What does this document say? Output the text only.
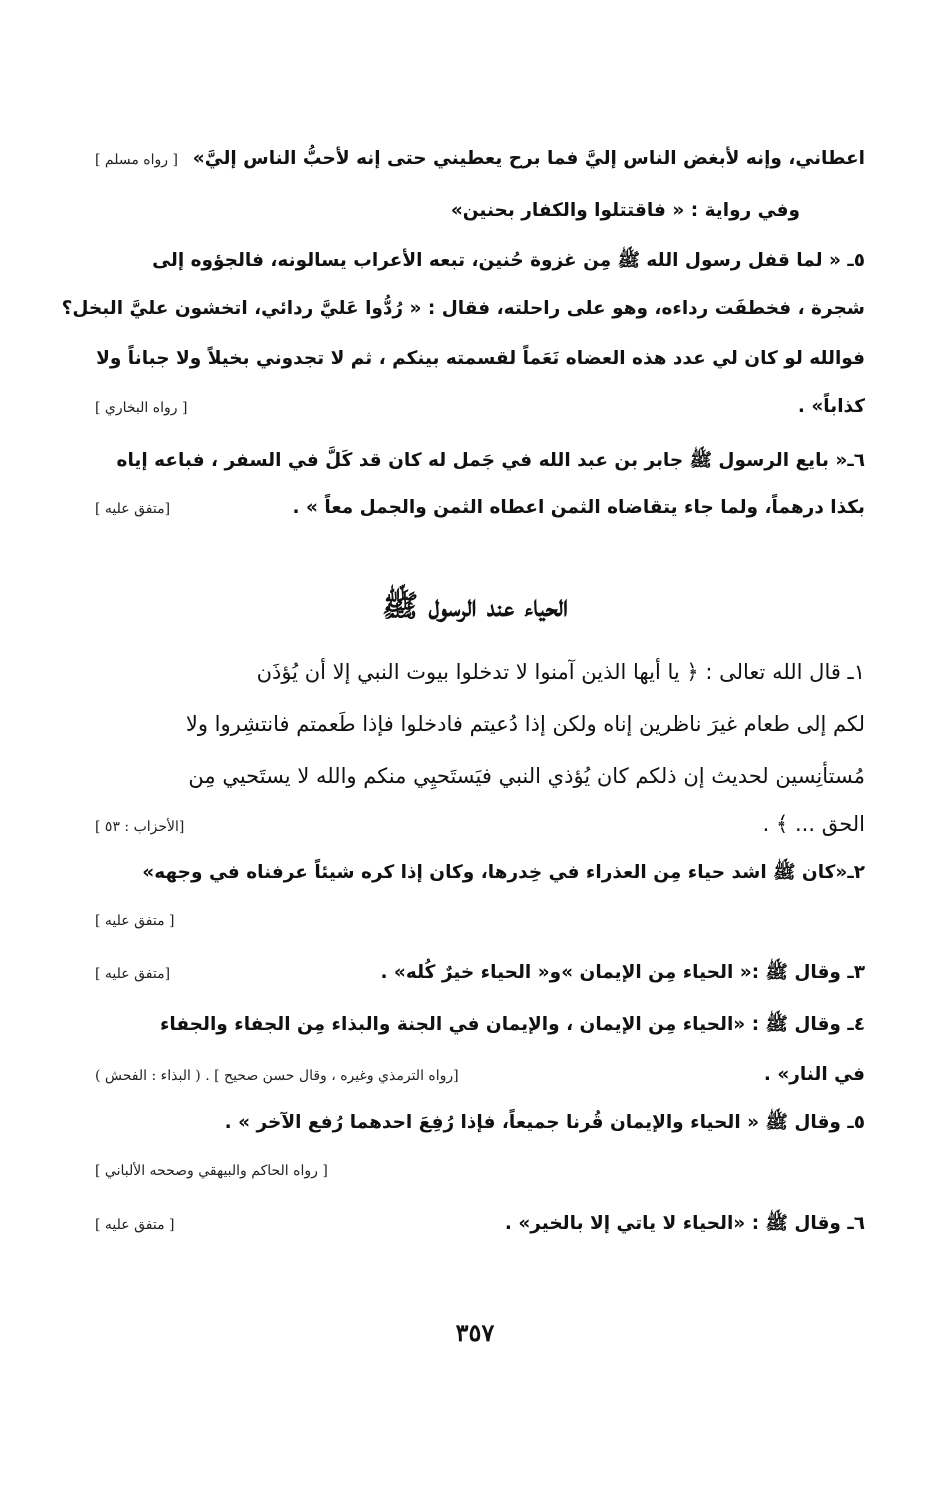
اعطاني، وإنه لأبغض الناس إليَّ فما برح يعطيني حتى إنه لأحبُّ الناس إليَّ»
[ رواه مسلم ]
وفي رواية : « فاقتتلوا والكفار بحنين»
٥ـ « لما قفل رسول الله ﷺ مِن غزوة حُنين، تبعه الأعراب يسالونه، فالجؤوه إلى
شجرة ، فخطفَت رداءه، وهو على راحلته، فقال : « رُدُّوا عَليَّ ردائي، اتخشون عليَّ البخل؟
فوالله لو كان لي عدد هذه العضاه نَعَماً لقسمته بينكم ، ثم لا تجدوني بخيلاً ولا جباناً ولا
كذاباً» .
[ رواه البخاري ]
٦ـ« بايع الرسول ﷺ جابر بن عبد الله في جَمل له كان قد كَلَّ في السفر ، فباعه إياه
بكذا درهماً، ولما جاء يتقاضاه الثمن اعطاه الثمن والجمل معاً » .
[متفق عليه ]
الحياء عند الرسول ﷺ
١ـ قال الله تعالى : ﴿ يا أيها الذين آمنوا لا تدخلوا بيوت النبي إلا أن يُؤذَن
لكم إلى طعام غيرَ ناظرين إناه ولكن إذا دُعيتم فادخلوا فإذا طَعمتم فانتشِروا ولا
مُستأنِسين لحديث إن ذلكم كان يُؤذي النبي فيَستَحيِي منكم والله لا يستَحيي مِن
الحق ... ﴾ .
[الأحزاب : ٥٣ ]
٢ـ«كان ﷺ اشد حياء مِن العذراء في خِدرها، وكان إذا كره شيئاً عرفناه في وجهه»
[ متفق عليه ]
٣ـ وقال ﷺ :« الحياء مِن الإيمان »و« الحياء خيرٌ كُله» .
[متفق عليه ]
٤ـ وقال ﷺ : «الحياء مِن الإيمان ، والإيمان في الجنة والبذاء مِن الجفاء والجفاء
في النار» .
[رواه الترمذي وغيره ، وقال حسن صحيح ] . ( البذاء : الفحش )
٥ـ وقال ﷺ « الحياء والإيمان قُرنا جميعاً، فإذا رُفِعَ احدهما رُفع الآخر » .
[ رواه الحاكم والبيهقي وصححه الألباني ]
٦ـ وقال ﷺ : «الحياء لا ياتي إلا بالخير» .
[ متفق عليه ]
٣٥٧
